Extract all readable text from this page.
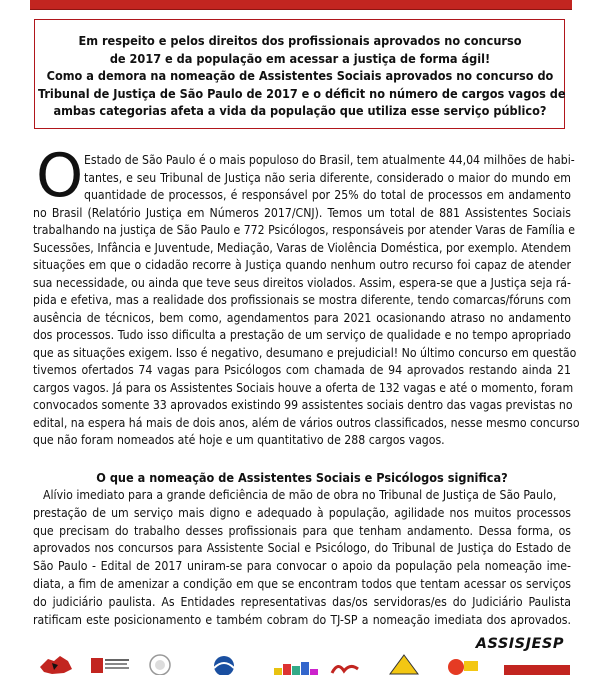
Em respeito e pelos direitos dos profissionais aprovados no concurso
de 2017 e da população em acessar a justiça de forma ágil!
Como a demora na nomeação de Assistentes Sociais aprovados no concurso do
Tribunal de Justiça de São Paulo de 2017 e o déficit no número de cargos vagos de
ambas categorias afeta a vida da população que utiliza esse serviço público?
O Estado de São Paulo é o mais populoso do Brasil, tem atualmente 44,04 milhões de habi-
tantes, e seu Tribunal de Justiça não seria diferente, considerado o maior do mundo em
quantidade de processos, é responsável por 25% do total de processos em andamento
no Brasil (Relatório Justiça em Números 2017/CNJ). Temos um total de 881 Assistentes Sociais
trabalhando na justiça de São Paulo e 772 Psicólogos, responsáveis por atender Varas de Família e
Sucessões, Infância e Juventude, Mediação, Varas de Violência Doméstica, por exemplo. Atendem
situações em que o cidadão recorre à Justiça quando nenhum outro recurso foi capaz de atender
sua necessidade, ou ainda que teve seus direitos violados. Assim, espera-se que a Justiça seja rá-
pida e efetiva, mas a realidade dos profissionais se mostra diferente, tendo comarcas/fóruns com
ausência de técnicos, bem como, agendamentos para 2021 ocasionando atraso no andamento
dos processos. Tudo isso dificulta a prestação de um serviço de qualidade e no tempo apropriado
que as situações exigem. Isso é negativo, desumano e prejudicial! No último concurso em questão
tivemos ofertados 74 vagas para Psicólogos com chamada de 94 aprovados restando ainda 21
cargos vagos. Já para os Assistentes Sociais houve a oferta de 132 vagas e até o momento, foram
convocados somente 33 aprovados existindo 99 assistentes sociais dentro das vagas previstas no
edital, na espera há mais de dois anos, além de vários outros classificados, nesse mesmo concurso
que não foram nomeados até hoje e um quantitativo de 288 cargos vagos.
O que a nomeação de Assistentes Sociais e Psicólogos significa?
Alívio imediato para a grande deficiência de mão de obra no Tribunal de Justiça de São Paulo,
prestação de um serviço mais digno e adequado à população, agilidade nos muitos processos
que precisam do trabalho desses profissionais para que tenham andamento. Dessa forma, os
aprovados nos concursos para Assistente Social e Psicólogo, do Tribunal de Justiça do Estado de
São Paulo - Edital de 2017 uniram-se para convocar o apoio da população pela nomeação ime-
diata, a fim de amenizar a condição em que se encontram todos que tentam acessar os serviços
do judiciário paulista. As Entidades representativas das/os servidoras/es do Judiciário Paulista
ratificam este posicionamento e também cobram do TJ-SP a nomeação imediata dos aprovados.
ASSISJESP
